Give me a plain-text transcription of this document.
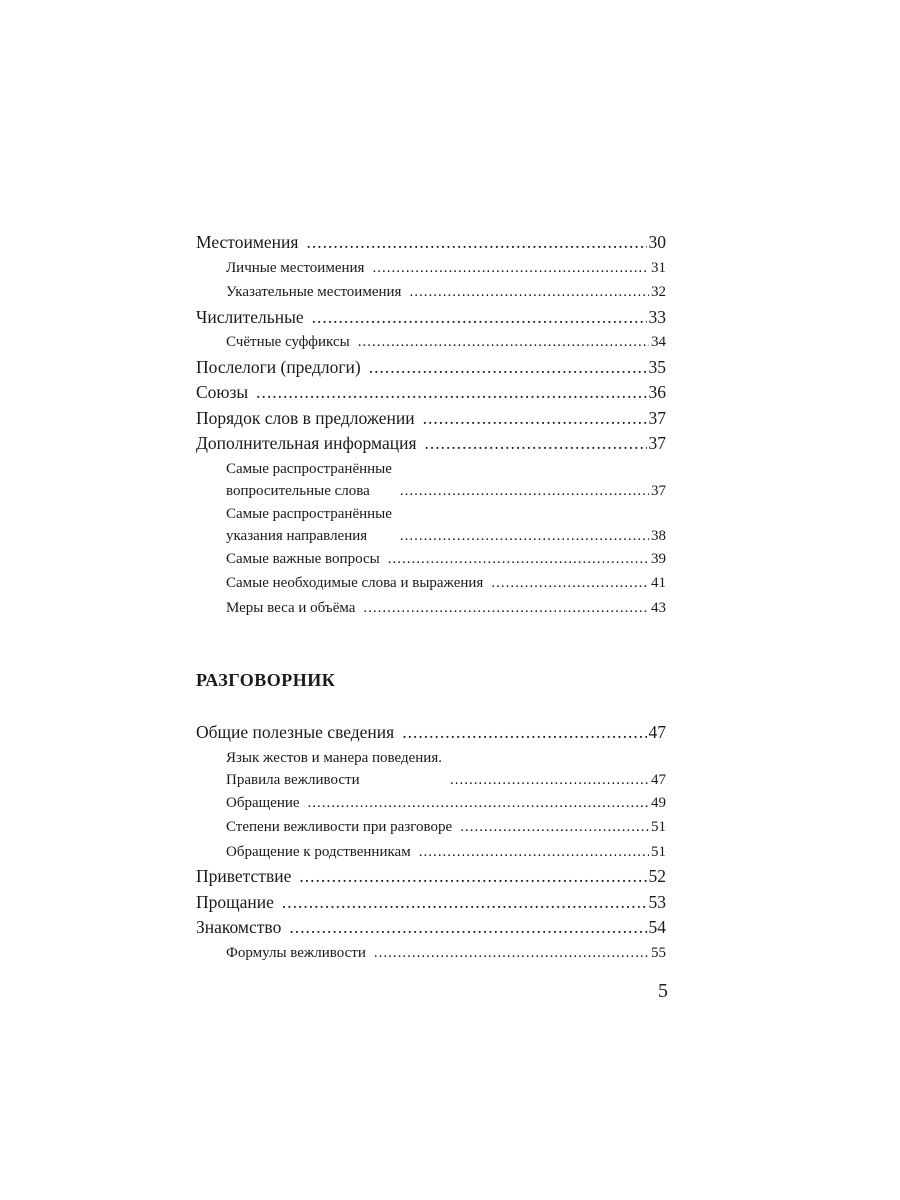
Местоимения .....	30
Личные местоимения .....	31
Указательные местоимения .....	32
Числительные .....	33
Счётные суффиксы .....	34
Послелоги (предлоги) .....	35
Союзы .....	36
Порядок слов в предложении .....	37
Дополнительная информация .....	37
Самые распространённые
вопросительные слова .....	37
Самые распространённые
указания направления .....	38
Самые важные вопросы .....	39
Самые необходимые слова и выражения .....	41
Меры веса и объёма .....	43
РАЗГОВОРНИК
Общие полезные сведения .....	47
Язык жестов и манера поведения.
Правила вежливости .....	47
Обращение .....	49
Степени вежливости при разговоре .....	51
Обращение к родственникам .....	51
Приветствие .....	52
Прощание .....	53
Знакомство .....	54
Формулы вежливости .....	55
5
